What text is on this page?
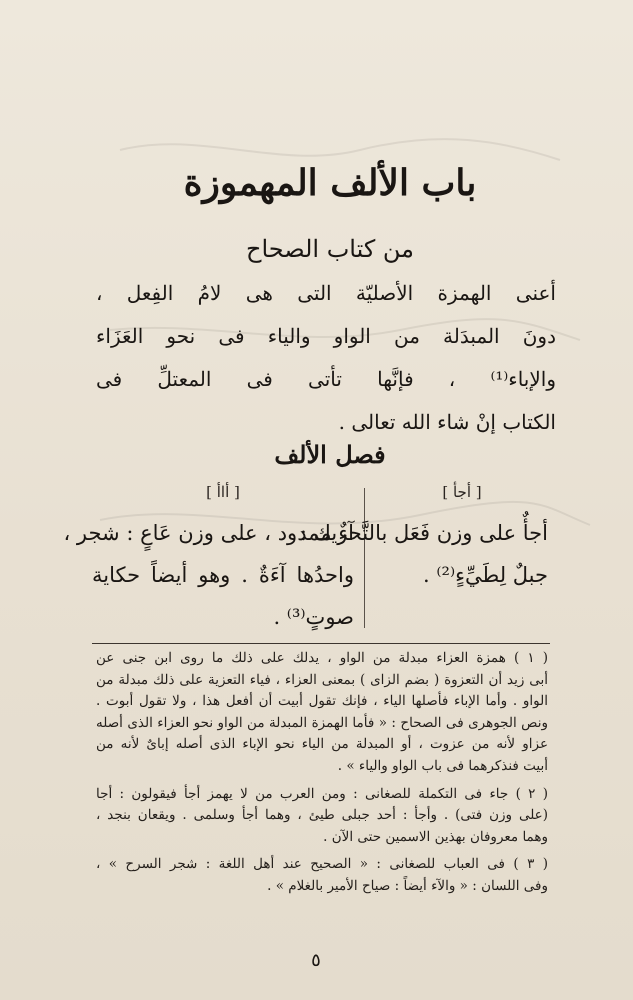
باب الألف المهموزة
من كتاب الصحاح
أعنى الهمزة الأصليّة التى هى لامُ الفِعل ،
دونَ المبدَلة من الواو والياء فى نحو العَزَاء
والإباء⁽¹⁾ ، فإنَّها تأتى فى المعتلِّ فى
الكتاب إنْ شاء الله تعالى .
فصل الألف
[ أجأ ]
أجأٌ على وزن فَعَل بالتَّحريك :
جبلٌ لِطَيِّءٍ⁽²⁾ .
[ أاأ ]
آءٌ ممدود ، على وزن عَاعٍ : شجر ،
واحدُها آءَةٌ . وهو أيضاً حكاية
صوتٍ⁽³⁾ .
( ١ ) همزة العزاء مبدلة من الواو ، يدلك على ذلك ما روى ابن جنى عن
أبى زيد أن التعزوة ( بضم الزاى ) بمعنى العزاء ، فياء التعزية على ذلك مبدلة من
الواو . وأما الإباء فأصلها الياء ، فإنك تقول أبيت أن أفعل هذا ، ولا تقول أبوت .
ونص الجوهرى فى الصحاح : « فأما الهمزة المبدلة من الواو نحو العزاء الذى أصله
عزاو لأنه من عزوت ، أو المبدلة من الياء نحو الإباء الذى أصله إباىٌ لأنه من
أبيت فنذكرهما فى باب الواو والياء » .
( ٢ ) جاء فى التكملة للصغانى : ومن العرب من لا يهمز أجأ فيقولون : أجا
(على وزن فتى) . وأجأ : أحد جبلى طيئ ، وهما أجأ وسلمى . ويقعان بنجد ،
وهما معروفان بهذين الاسمين حتى الآن .
( ٣ ) فى العباب للصغانى : « الصحيح عند أهل اللغة : شجر السرح » ،
وفى اللسان : « والآء أيضاً : صياح الأمير بالغلام » .
٥
